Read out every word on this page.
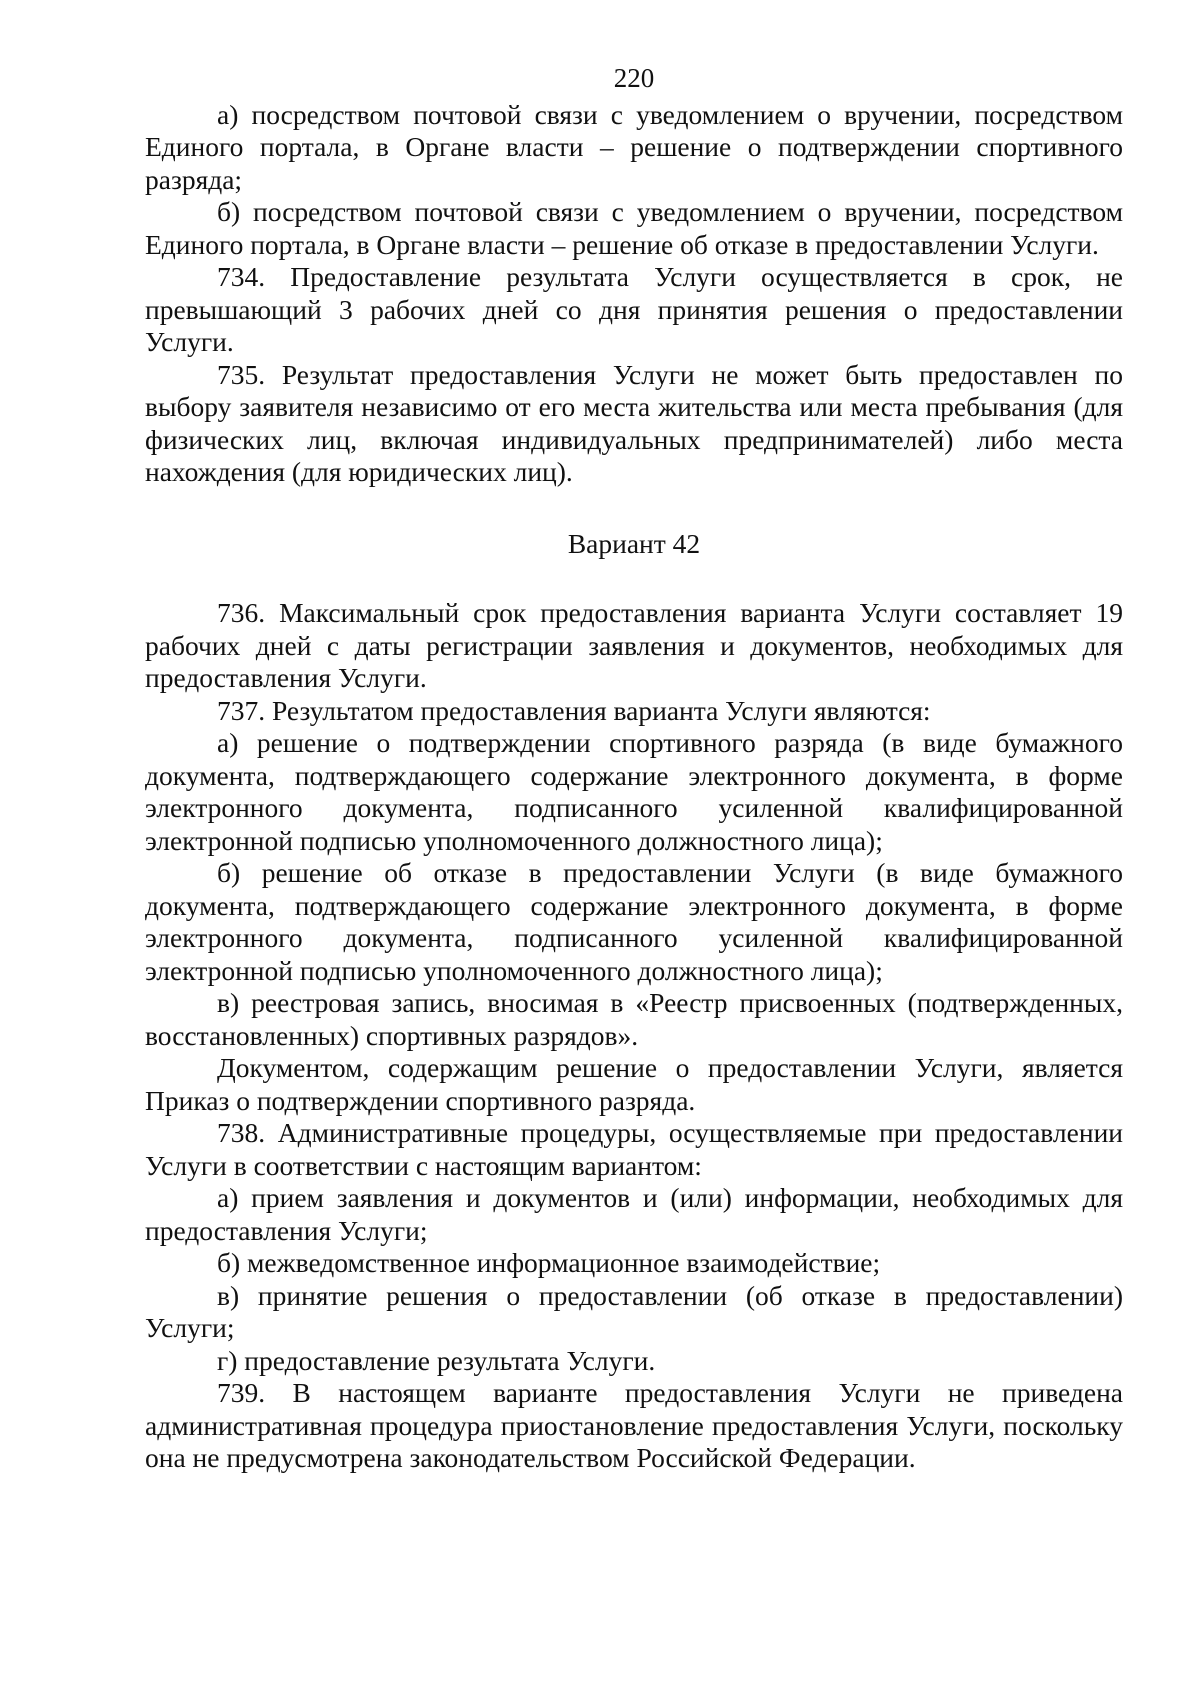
220

а) посредством почтовой связи с уведомлением о вручении, посредством Единого портала, в Органе власти – решение о подтверждении спортивного разряда;

б) посредством почтовой связи с уведомлением о вручении, посредством Единого портала, в Органе власти – решение об отказе в предоставлении Услуги.

734. Предоставление результата Услуги осуществляется в срок, не превышающий 3 рабочих дней со дня принятия решения о предоставлении Услуги.

735. Результат предоставления Услуги не может быть предоставлен по выбору заявителя независимо от его места жительства или места пребывания (для физических лиц, включая индивидуальных предпринимателей) либо места нахождения (для юридических лиц).

Вариант 42

736. Максимальный срок предоставления варианта Услуги составляет 19 рабочих дней с даты регистрации заявления и документов, необходимых для предоставления Услуги.

737. Результатом предоставления варианта Услуги являются:

а) решение о подтверждении спортивного разряда (в виде бумажного документа, подтверждающего содержание электронного документа, в форме электронного документа, подписанного усиленной квалифицированной электронной подписью уполномоченного должностного лица);

б) решение об отказе в предоставлении Услуги (в виде бумажного документа, подтверждающего содержание электронного документа, в форме электронного документа, подписанного усиленной квалифицированной электронной подписью уполномоченного должностного лица);

в) реестровая запись, вносимая в «Реестр присвоенных (подтвержденных, восстановленных) спортивных разрядов».

Документом, содержащим решение о предоставлении Услуги, является Приказ о подтверждении спортивного разряда.

738. Административные процедуры, осуществляемые при предоставлении Услуги в соответствии с настоящим вариантом:

а) прием заявления и документов и (или) информации, необходимых для предоставления Услуги;

б) межведомственное информационное взаимодействие;

в) принятие решения о предоставлении (об отказе в предоставлении) Услуги;

г) предоставление результата Услуги.

739. В настоящем варианте предоставления Услуги не приведена административная процедура приостановление предоставления Услуги, поскольку она не предусмотрена законодательством Российской Федерации.
